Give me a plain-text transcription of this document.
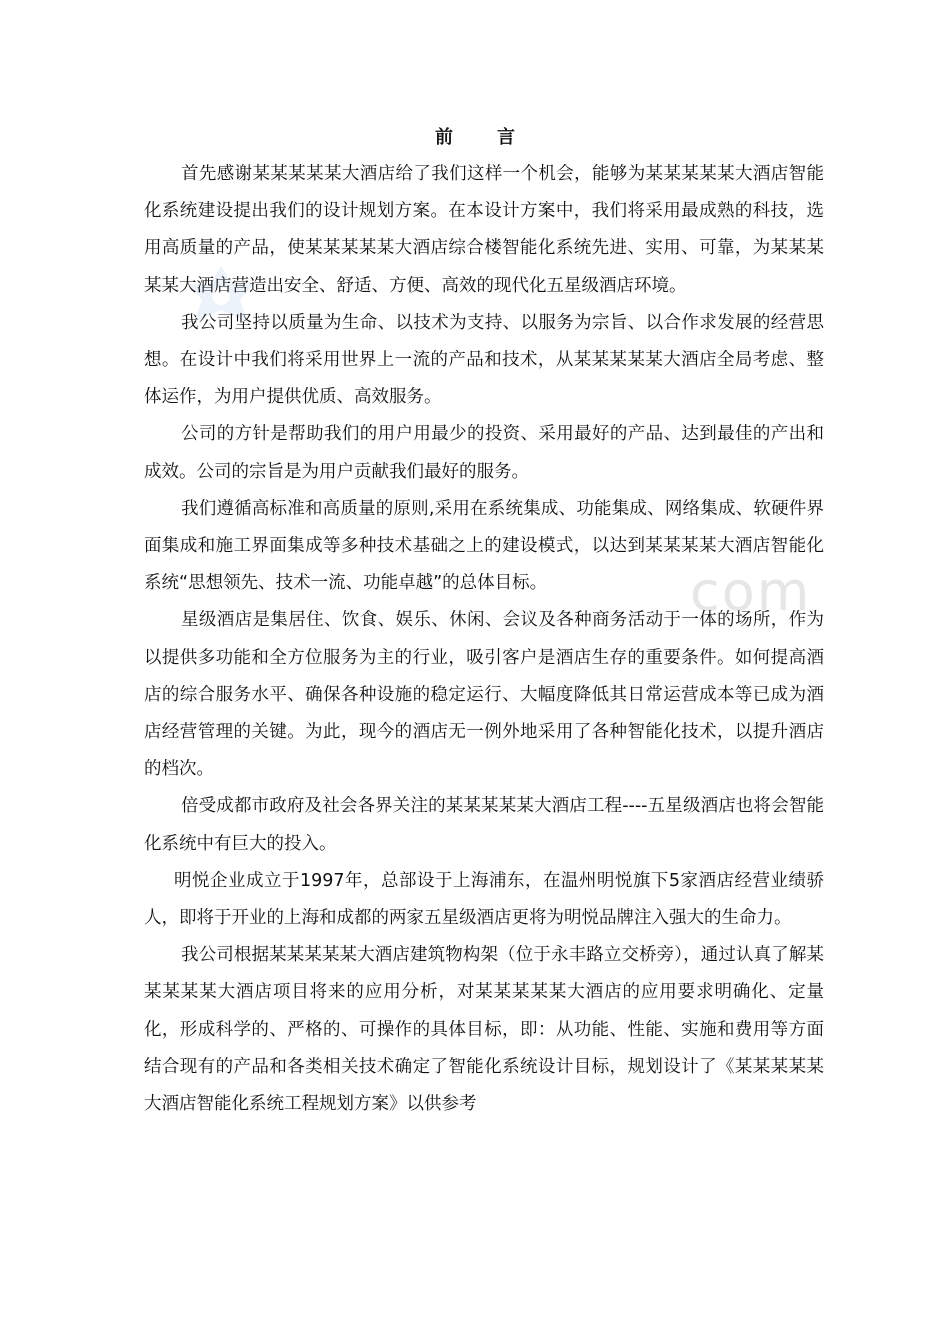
com
前 言

首先感谢某某某某某大酒店给了我们这样一个机会，能够为某某某某某大酒店智能化系统建设提出我们的设计规划方案。在本设计方案中，我们将采用最成熟的科技，选用高质量的产品，使某某某某某大酒店综合楼智能化系统先进、实用、可靠，为某某某某某大酒店营造出安全、舒适、方便、高效的现代化五星级酒店环境。

我公司坚持以质量为生命、以技术为支持、以服务为宗旨、以合作求发展的经营思想。在设计中我们将采用世界上一流的产品和技术，从某某某某某大酒店全局考虑、整体运作，为用户提供优质、高效服务。

公司的方针是帮助我们的用户用最少的投资、采用最好的产品、达到最佳的产出和成效。公司的宗旨是为用户贡献我们最好的服务。

我们遵循高标准和高质量的原则,采用在系统集成、功能集成、网络集成、软硬件界面集成和施工界面集成等多种技术基础之上的建设模式，以达到某某某某大酒店智能化系统“思想领先、技术一流、功能卓越”的总体目标。

星级酒店是集居住、饮食、娱乐、休闲、会议及各种商务活动于一体的场所，作为以提供多功能和全方位服务为主的行业，吸引客户是酒店生存的重要条件。如何提高酒店的综合服务水平、确保各种设施的稳定运行、大幅度降低其日常运营成本等已成为酒店经营管理的关键。为此，现今的酒店无一例外地采用了各种智能化技术，以提升酒店的档次。

倍受成都市政府及社会各界关注的某某某某某大酒店工程----五星级酒店也将会智能化系统中有巨大的投入。

明悦企业成立于1997年，总部设于上海浦东，在温州明悦旗下5家酒店经营业绩骄人，即将于开业的上海和成都的两家五星级酒店更将为明悦品牌注入强大的生命力。

我公司根据某某某某某大酒店建筑物构架（位于永丰路立交桥旁），通过认真了解某某某某某大酒店项目将来的应用分析，对某某某某某大酒店的应用要求明确化、定量化，形成科学的、严格的、可操作的具体目标，即：从功能、性能、实施和费用等方面结合现有的产品和各类相关技术确定了智能化系统设计目标，规划设计了《某某某某某大酒店智能化系统工程规划方案》以供参考
